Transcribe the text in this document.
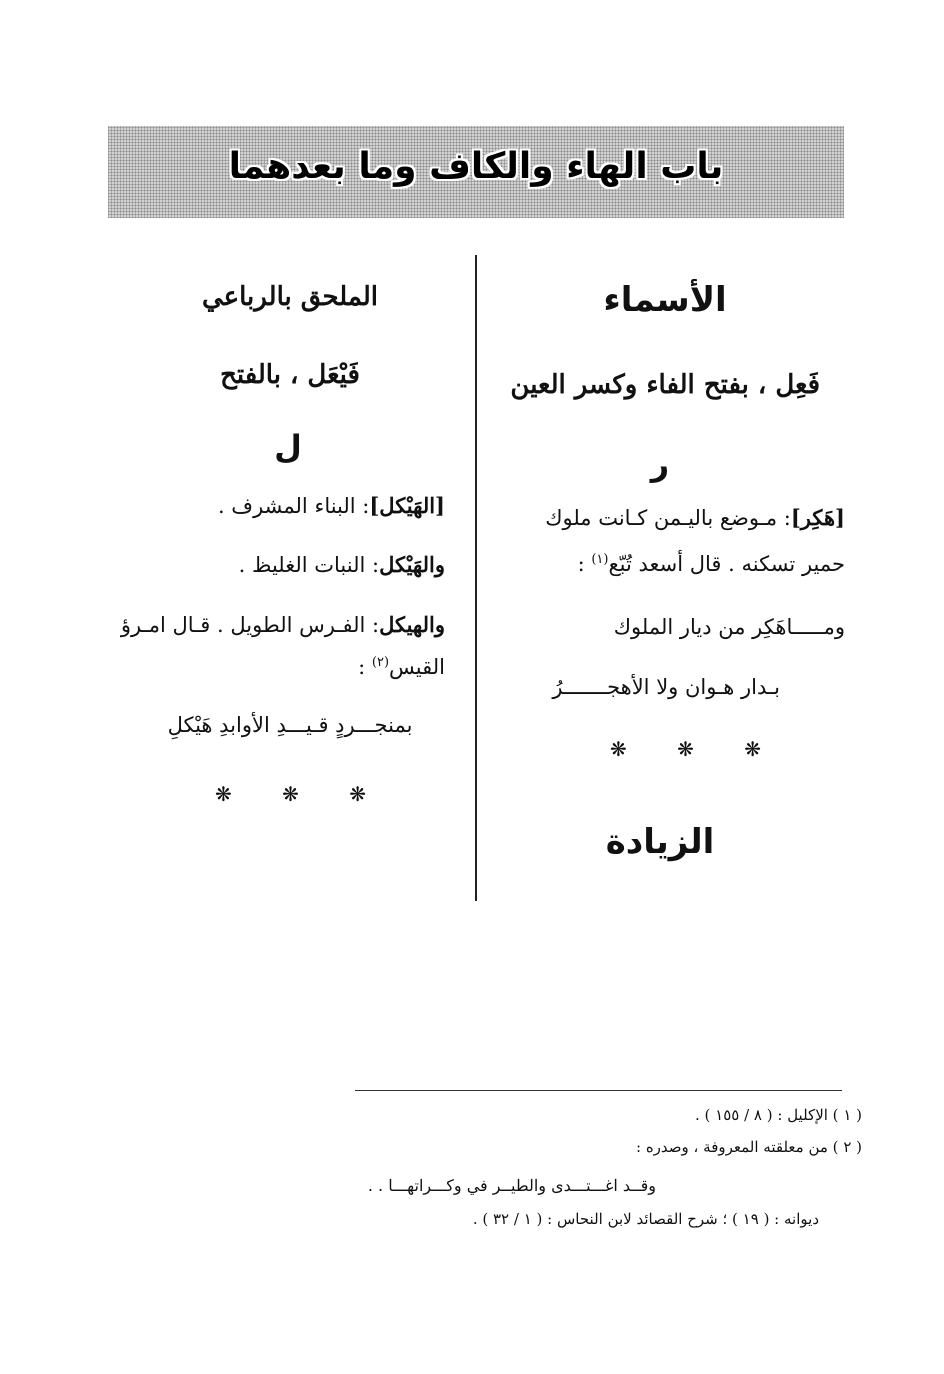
باب الهاء والكاف وما بعدهما
الأسماء
فَعِل ، بفتح الفاء وكسر العين
ر
[هَكِر]: مـوضع باليـمن كـانت ملوك
حمير تسكنه . قال أسعد تُبّع$^{(١)}$ :
ومـــــاهَكِر من ديار الملوك
بـدار هـوان ولا الأهجـــــــرُ
❋ ❋ ❋
الزيادة
الملحق بالرباعي
فَيْعَل ، بالفتح
ل
[الهَيْكل]: البناء المشرف .
والهَيْكل: النبات الغليظ .
والهيكل: الفـرس الطويل . قـال امـرؤ
القيس$^{(٢)}$ :
بمنجـــردٍ قـيـــدِ الأوابدِ هَيْكلِ
❋ ❋ ❋
( ١ ) الإكليل : ( ٨ / ١٥٥ ) .
( ٢ ) من معلقته المعروفة ، وصدره :
وقــد اغـــتـــدى والطيــر في وكـــراتهـــا . .
ديوانه : ( ١٩ ) ؛ شرح القصائد لابن النحاس : ( ١ / ٣٢ ) .
